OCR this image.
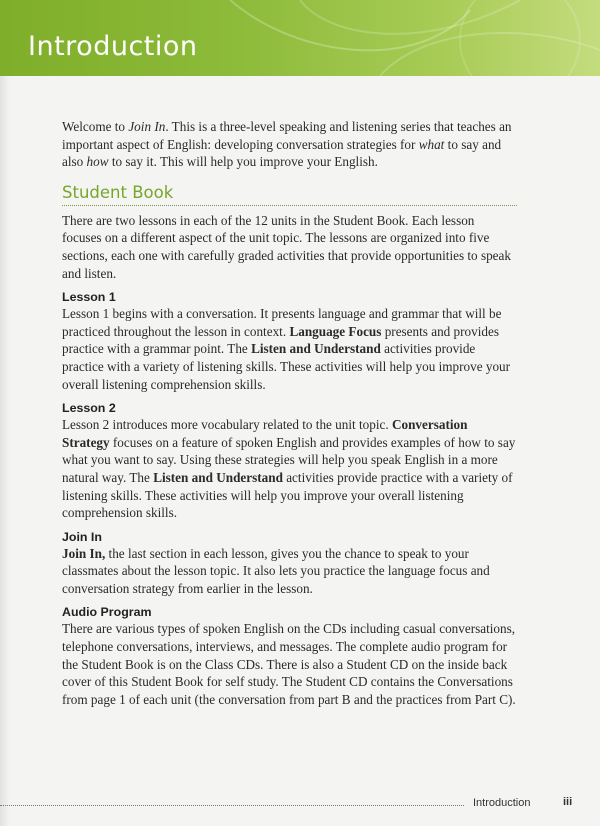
Introduction

Welcome to Join In. This is a three-level speaking and listening series that teaches an important aspect of English: developing conversation strategies for what to say and also how to say it. This will help you improve your English.

Student Book

There are two lessons in each of the 12 units in the Student Book. Each lesson focuses on a different aspect of the unit topic. The lessons are organized into five sections, each one with carefully graded activities that provide opportunities to speak and listen.

Lesson 1

Lesson 1 begins with a conversation. It presents language and grammar that will be practiced throughout the lesson in context. Language Focus presents and provides practice with a grammar point. The Listen and Understand activities provide practice with a variety of listening skills. These activities will help you improve your overall listening comprehension skills.

Lesson 2

Lesson 2 introduces more vocabulary related to the unit topic. Conversation Strategy focuses on a feature of spoken English and provides examples of how to say what you want to say. Using these strategies will help you speak English in a more natural way. The Listen and Understand activities provide practice with a variety of listening skills. These activities will help you improve your overall listening comprehension skills.

Join In

Join In, the last section in each lesson, gives you the chance to speak to your classmates about the lesson topic. It also lets you practice the language focus and conversation strategy from earlier in the lesson.

Audio Program

There are various types of spoken English on the CDs including casual conversations, telephone conversations, interviews, and messages. The complete audio program for the Student Book is on the Class CDs. There is also a Student CD on the inside back cover of this Student Book for self study. The Student CD contains the Conversations from page 1 of each unit (the conversation from part B and the practices from Part C).

Introduction	iii
